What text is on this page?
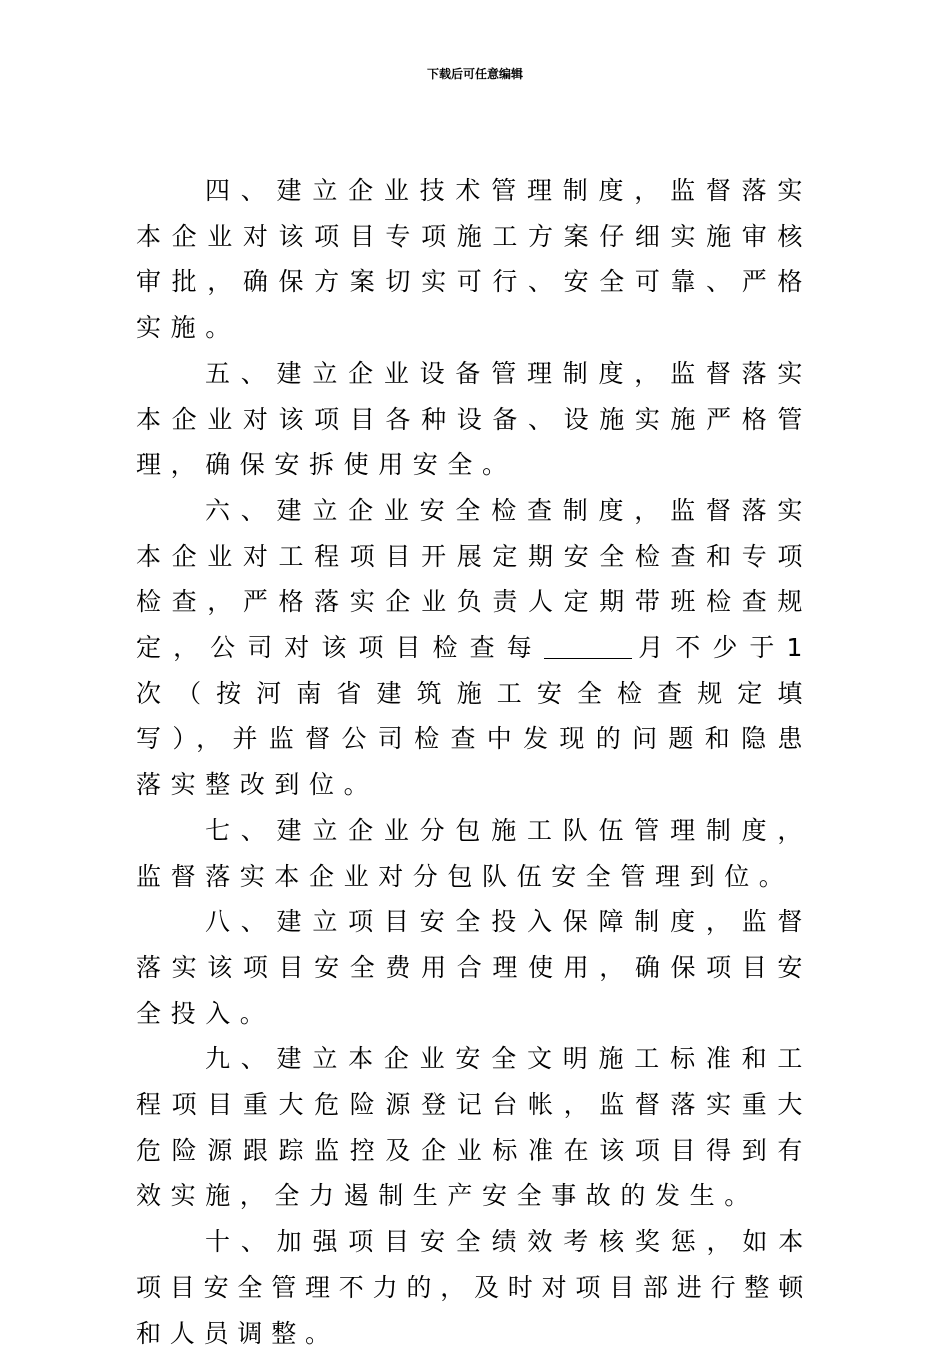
下载后可任意编辑

四、建立企业技术管理制度，监督落实本企业对该项目专项施工方案仔细实施审核审批，确保方案切实可行、安全可靠、严格实施。

五、建立企业设备管理制度，监督落实本企业对该项目各种设备、设施实施严格管理，确保安拆使用安全。

六、建立企业安全检查制度，监督落实本企业对工程项目开展定期安全检查和专项检查，严格落实企业负责人定期带班检查规定，公司对该项目检查每	月不少于1 次（按河南省建筑施工安全检查规定填写），并监督公司检查中发现的问题和隐患落实整改到位。

七、建立企业分包施工队伍管理制度，监督落实本企业对分包队伍安全管理到位。

八、建立项目安全投入保障制度，监督落实该项目安全费用合理使用，确保项目安全投入。

九、建立本企业安全文明施工标准和工程项目重大危险源登记台帐，监督落实重大危险源跟踪监控及企业标准在该项目得到有效实施，全力遏制生产安全事故的发生。

十、加强项目安全绩效考核奖惩，如本项目安全管理不力的，及时对项目部进行整顿和人员调整。
